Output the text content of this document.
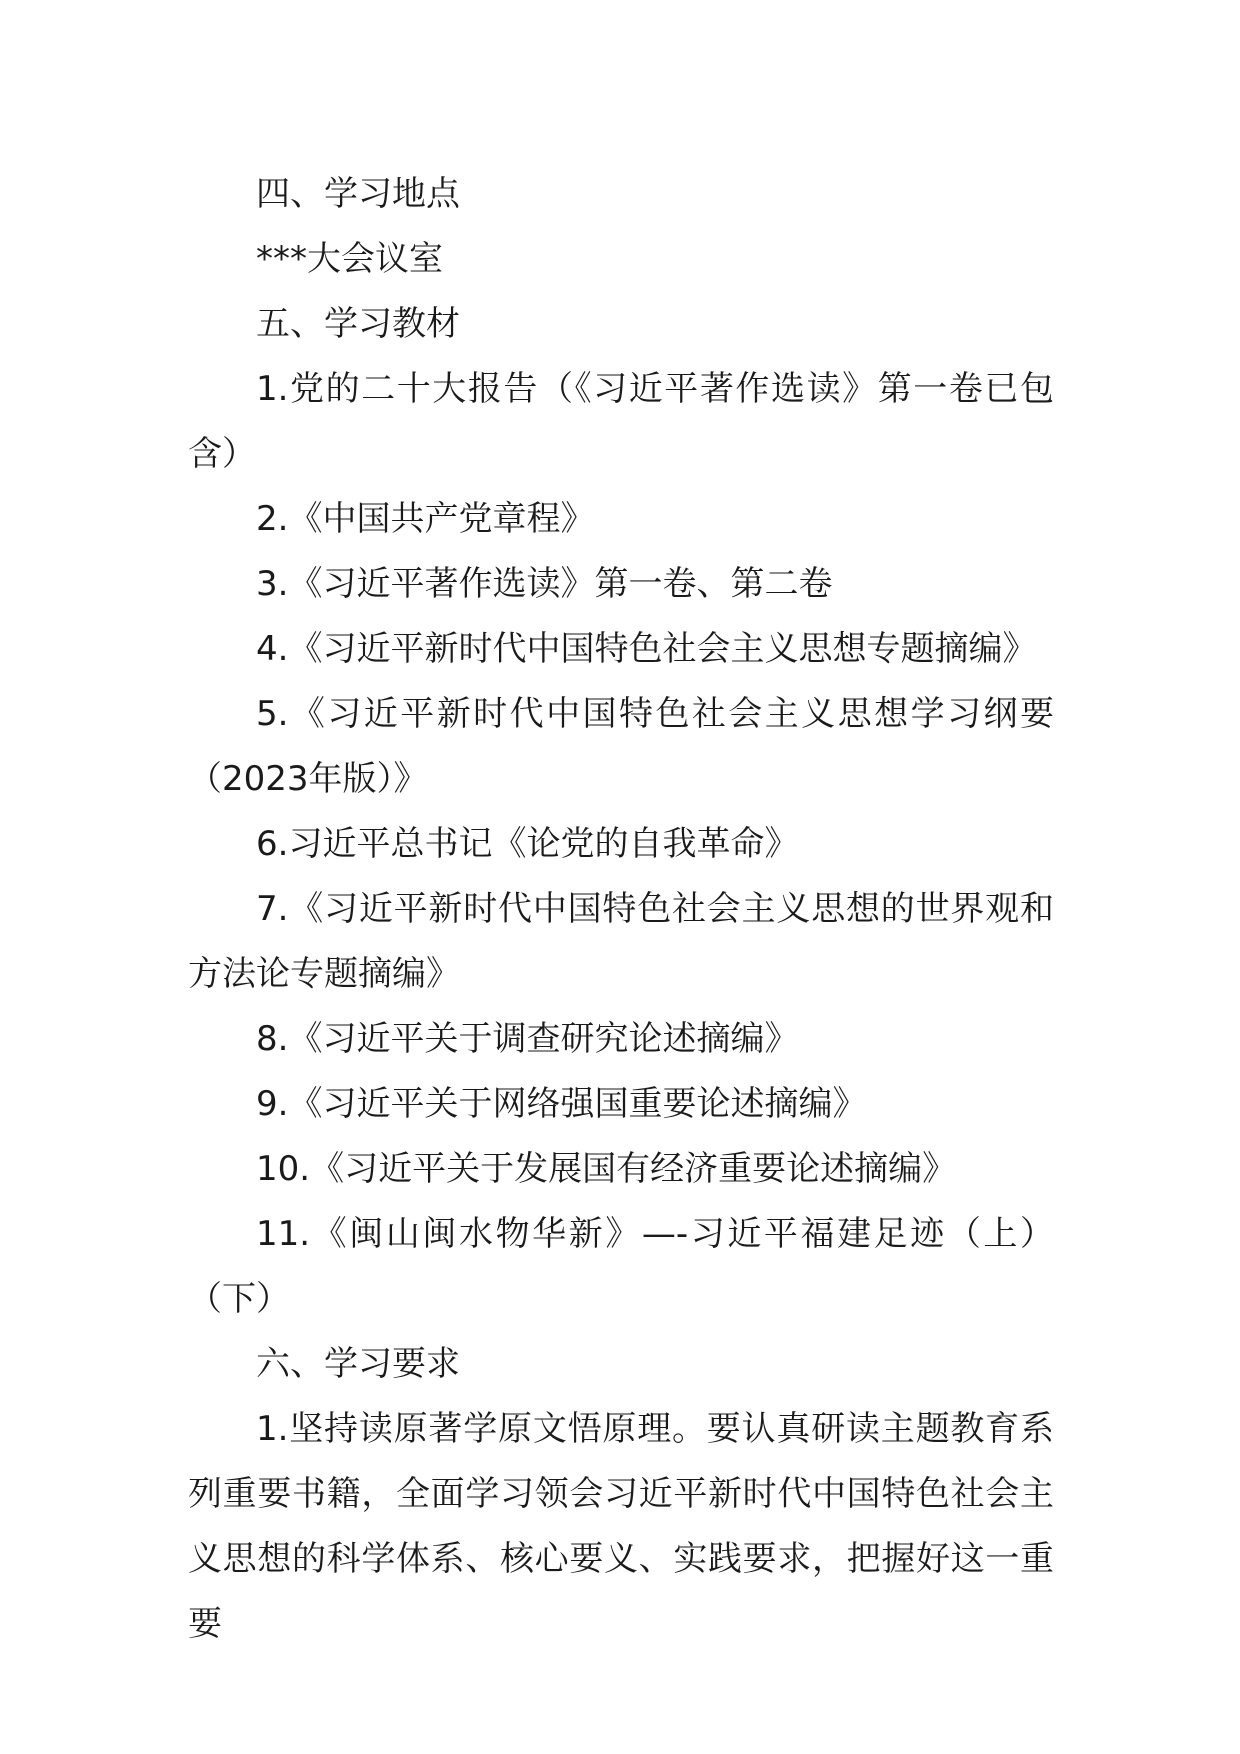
四、学习地点

***大会议室

五、学习教材

1.党的二十大报告（《习近平著作选读》第一卷已包含）

2.《中国共产党章程》

3.《习近平著作选读》第一卷、第二卷

4.《习近平新时代中国特色社会主义思想专题摘编》

5.《习近平新时代中国特色社会主义思想学习纲要（2023年版）》

6.习近平总书记《论党的自我革命》

7.《习近平新时代中国特色社会主义思想的世界观和方法论专题摘编》

8.《习近平关于调查研究论述摘编》

9.《习近平关于网络强国重要论述摘编》

10.《习近平关于发展国有经济重要论述摘编》

11.《闽山闽水物华新》—-习近平福建足迹（上）（下）

六、学习要求

1.坚持读原著学原文悟原理。要认真研读主题教育系列重要书籍，全面学习领会习近平新时代中国特色社会主义思想的科学体系、核心要义、实践要求，把握好这一重要
